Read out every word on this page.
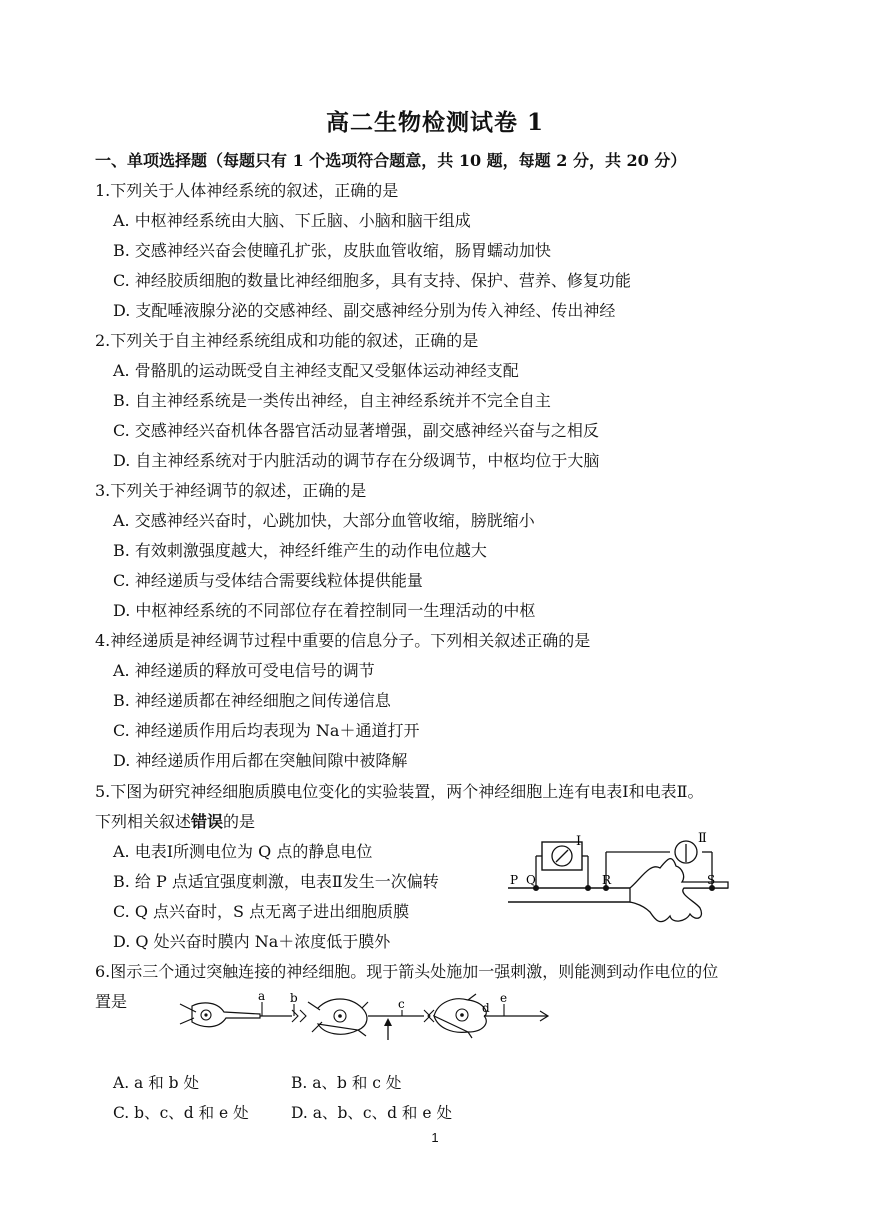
高二生物检测试卷 1
一、单项选择题（每题只有 1 个选项符合题意，共 10 题，每题 2 分，共 20 分）
1.下列关于人体神经系统的叙述，正确的是
A. 中枢神经系统由大脑、下丘脑、小脑和脑干组成
B. 交感神经兴奋会使瞳孔扩张，皮肤血管收缩，肠胃蠕动加快
C. 神经胶质细胞的数量比神经细胞多，具有支持、保护、营养、修复功能
D. 支配唾液腺分泌的交感神经、副交感神经分别为传入神经、传出神经
2.下列关于自主神经系统组成和功能的叙述，正确的是
A. 骨骼肌的运动既受自主神经支配又受躯体运动神经支配
B. 自主神经系统是一类传出神经，自主神经系统并不完全自主
C. 交感神经兴奋机体各器官活动显著增强，副交感神经兴奋与之相反
D. 自主神经系统对于内脏活动的调节存在分级调节，中枢均位于大脑
3.下列关于神经调节的叙述，正确的是
A. 交感神经兴奋时，心跳加快，大部分血管收缩，膀胱缩小
B. 有效刺激强度越大，神经纤维产生的动作电位越大
C. 神经递质与受体结合需要线粒体提供能量
D. 中枢神经系统的不同部位存在着控制同一生理活动的中枢
4.神经递质是神经调节过程中重要的信息分子。下列相关叙述正确的是
A. 神经递质的释放可受电信号的调节
B. 神经递质都在神经细胞之间传递信息
C. 神经递质作用后均表现为 Na＋通道打开
D. 神经递质作用后都在突触间隙中被降解
5.下图为研究神经细胞质膜电位变化的实验装置，两个神经细胞上连有电表Ⅰ和电表Ⅱ。
下列相关叙述错误的是
A. 电表Ⅰ所测电位为 Q 点的静息电位
B. 给 P 点适宜强度刺激，电表Ⅱ发生一次偏转
C. Q 点兴奋时，S 点无离子进出细胞质膜
D. Q 处兴奋时膜内 Na＋浓度低于膜外
I	Ⅱ
P Q	R	S
6.图示三个通过突触连接的神经细胞。现于箭头处施加一强刺激，则能测到动作电位的位
置是	a b	c	d
e
A. a 和 b 处	B. a、b 和 c 处
C. b、c、d 和 e 处	D. a、b、c、d 和 e 处
1
